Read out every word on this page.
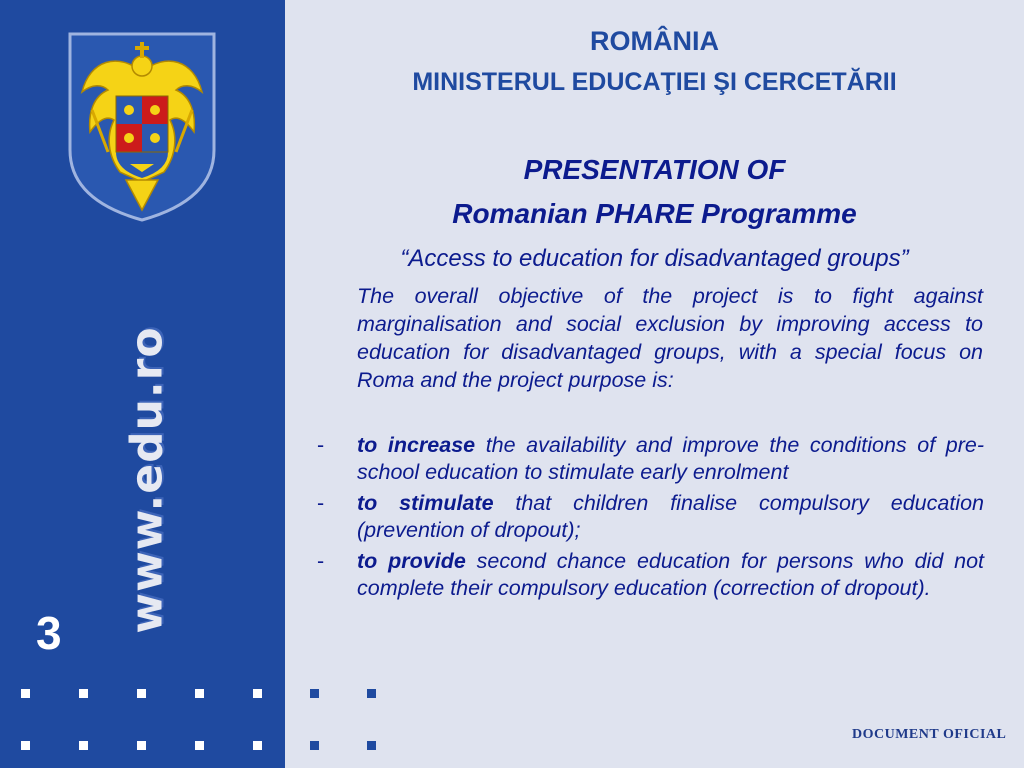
www.edu.ro
3
ROMÂNIA
MINISTERUL EDUCAŢIEI ŞI CERCETĂRII
PRESENTATION OF
Romanian PHARE Programme
“Access to education for disadvantaged groups”
The overall objective of the project is to fight against marginalisation and social exclusion by improving access to education for disadvantaged groups, with a special focus on Roma and the project purpose is:
- to increase the availability and improve the conditions of pre-school education to stimulate early enrolment
- to stimulate that children finalise compulsory education (prevention of dropout);
- to provide second chance education for persons who did not complete their compulsory education (correction of dropout).
DOCUMENT OFICIAL
